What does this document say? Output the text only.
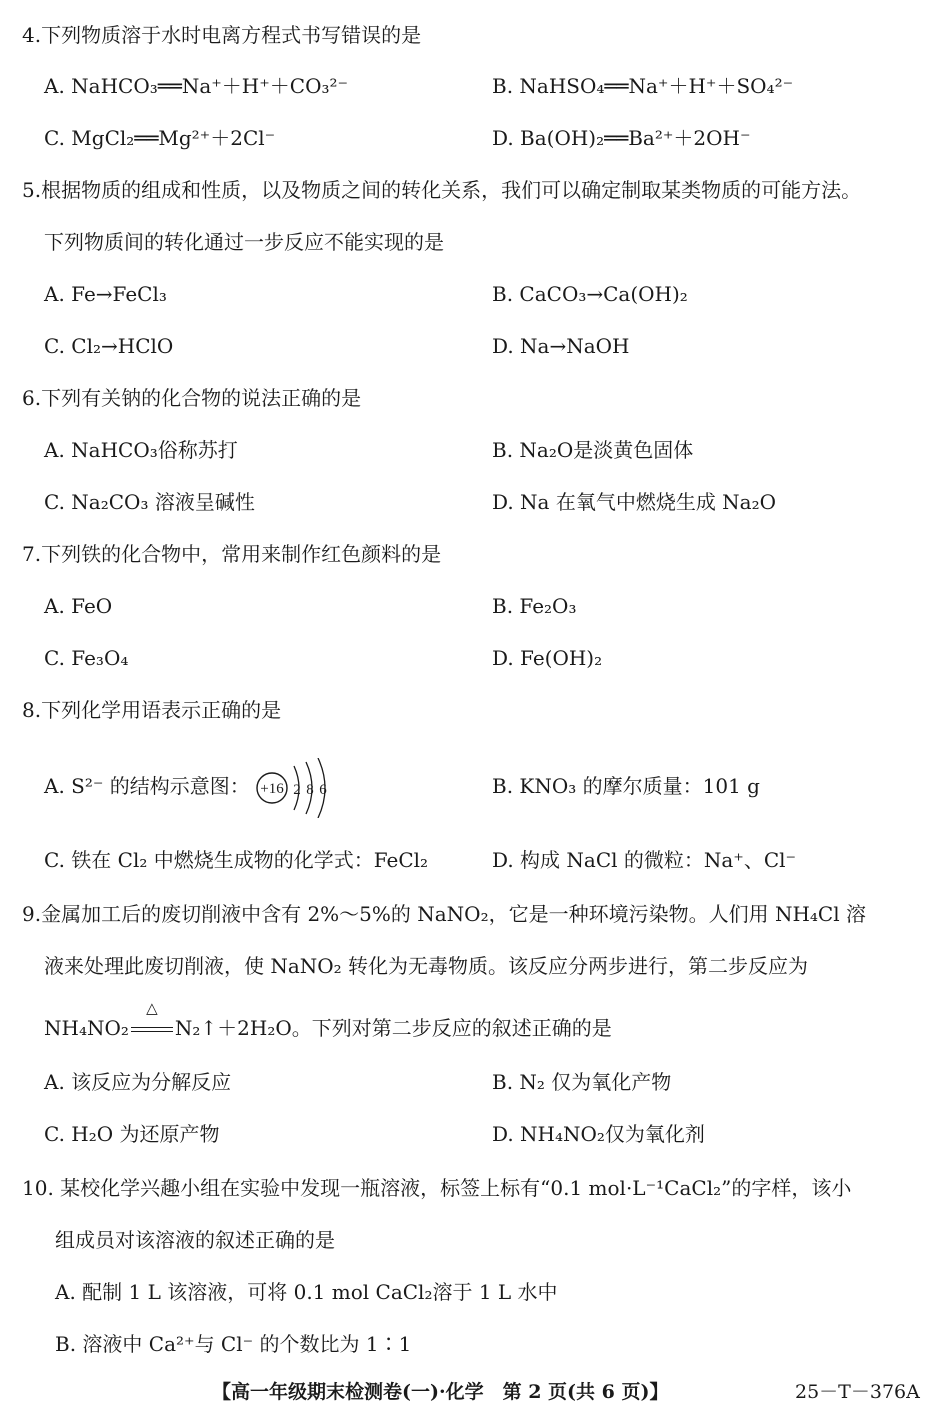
4.下列物质溶于水时电离方程式书写错误的是
A. NaHCO₃══Na⁺＋H⁺＋CO₃²⁻	B. NaHSO₄══Na⁺＋H⁺＋SO₄²⁻
C. MgCl₂══Mg²⁺＋2Cl⁻	D. Ba(OH)₂══Ba²⁺＋2OH⁻
5.根据物质的组成和性质，以及物质之间的转化关系，我们可以确定制取某类物质的可能方法。
下列物质间的转化通过一步反应不能实现的是
A. Fe→FeCl₃	B. CaCO₃→Ca(OH)₂
C. Cl₂→HClO	D. Na→NaOH
6.下列有关钠的化合物的说法正确的是
A. NaHCO₃俗称苏打	B. Na₂O是淡黄色固体
C. Na₂CO₃ 溶液呈碱性	D. Na 在氧气中燃烧生成 Na₂O
7.下列铁的化合物中，常用来制作红色颜料的是
A. FeO	B. Fe₂O₃
C. Fe₃O₄	D. Fe(OH)₂
8.下列化学用语表示正确的是
A. S²⁻ 的结构示意图： +16 2 8 6	B. KNO₃ 的摩尔质量：101 g
C. 铁在 Cl₂ 中燃烧生成物的化学式：FeCl₂	D. 构成 NaCl 的微粒：Na⁺、Cl⁻
9.金属加工后的废切削液中含有 2%～5%的 NaNO₂，它是一种环境污染物。人们用 NH₄Cl 溶
液来处理此废切削液，使 NaNO₂ 转化为无毒物质。该反应分两步进行，第二步反应为
NH₄NO₂
△
N₂↑＋2H₂O。下列对第二步反应的叙述正确的是
A. 该反应为分解反应	B. N₂ 仅为氧化产物
C. H₂O 为还原产物	D. NH₄NO₂仅为氧化剂
10. 某校化学兴趣小组在实验中发现一瓶溶液，标签上标有“0.1 mol·L⁻¹CaCl₂”的字样，该小
组成员对该溶液的叙述正确的是
A. 配制 1 L 该溶液，可将 0.1 mol CaCl₂溶于 1 L 水中
B. 溶液中 Ca²⁺与 Cl⁻ 的个数比为 1∶1
【高一年级期末检测卷(一)·化学　第 2 页(共 6 页)】	25－T－376A
